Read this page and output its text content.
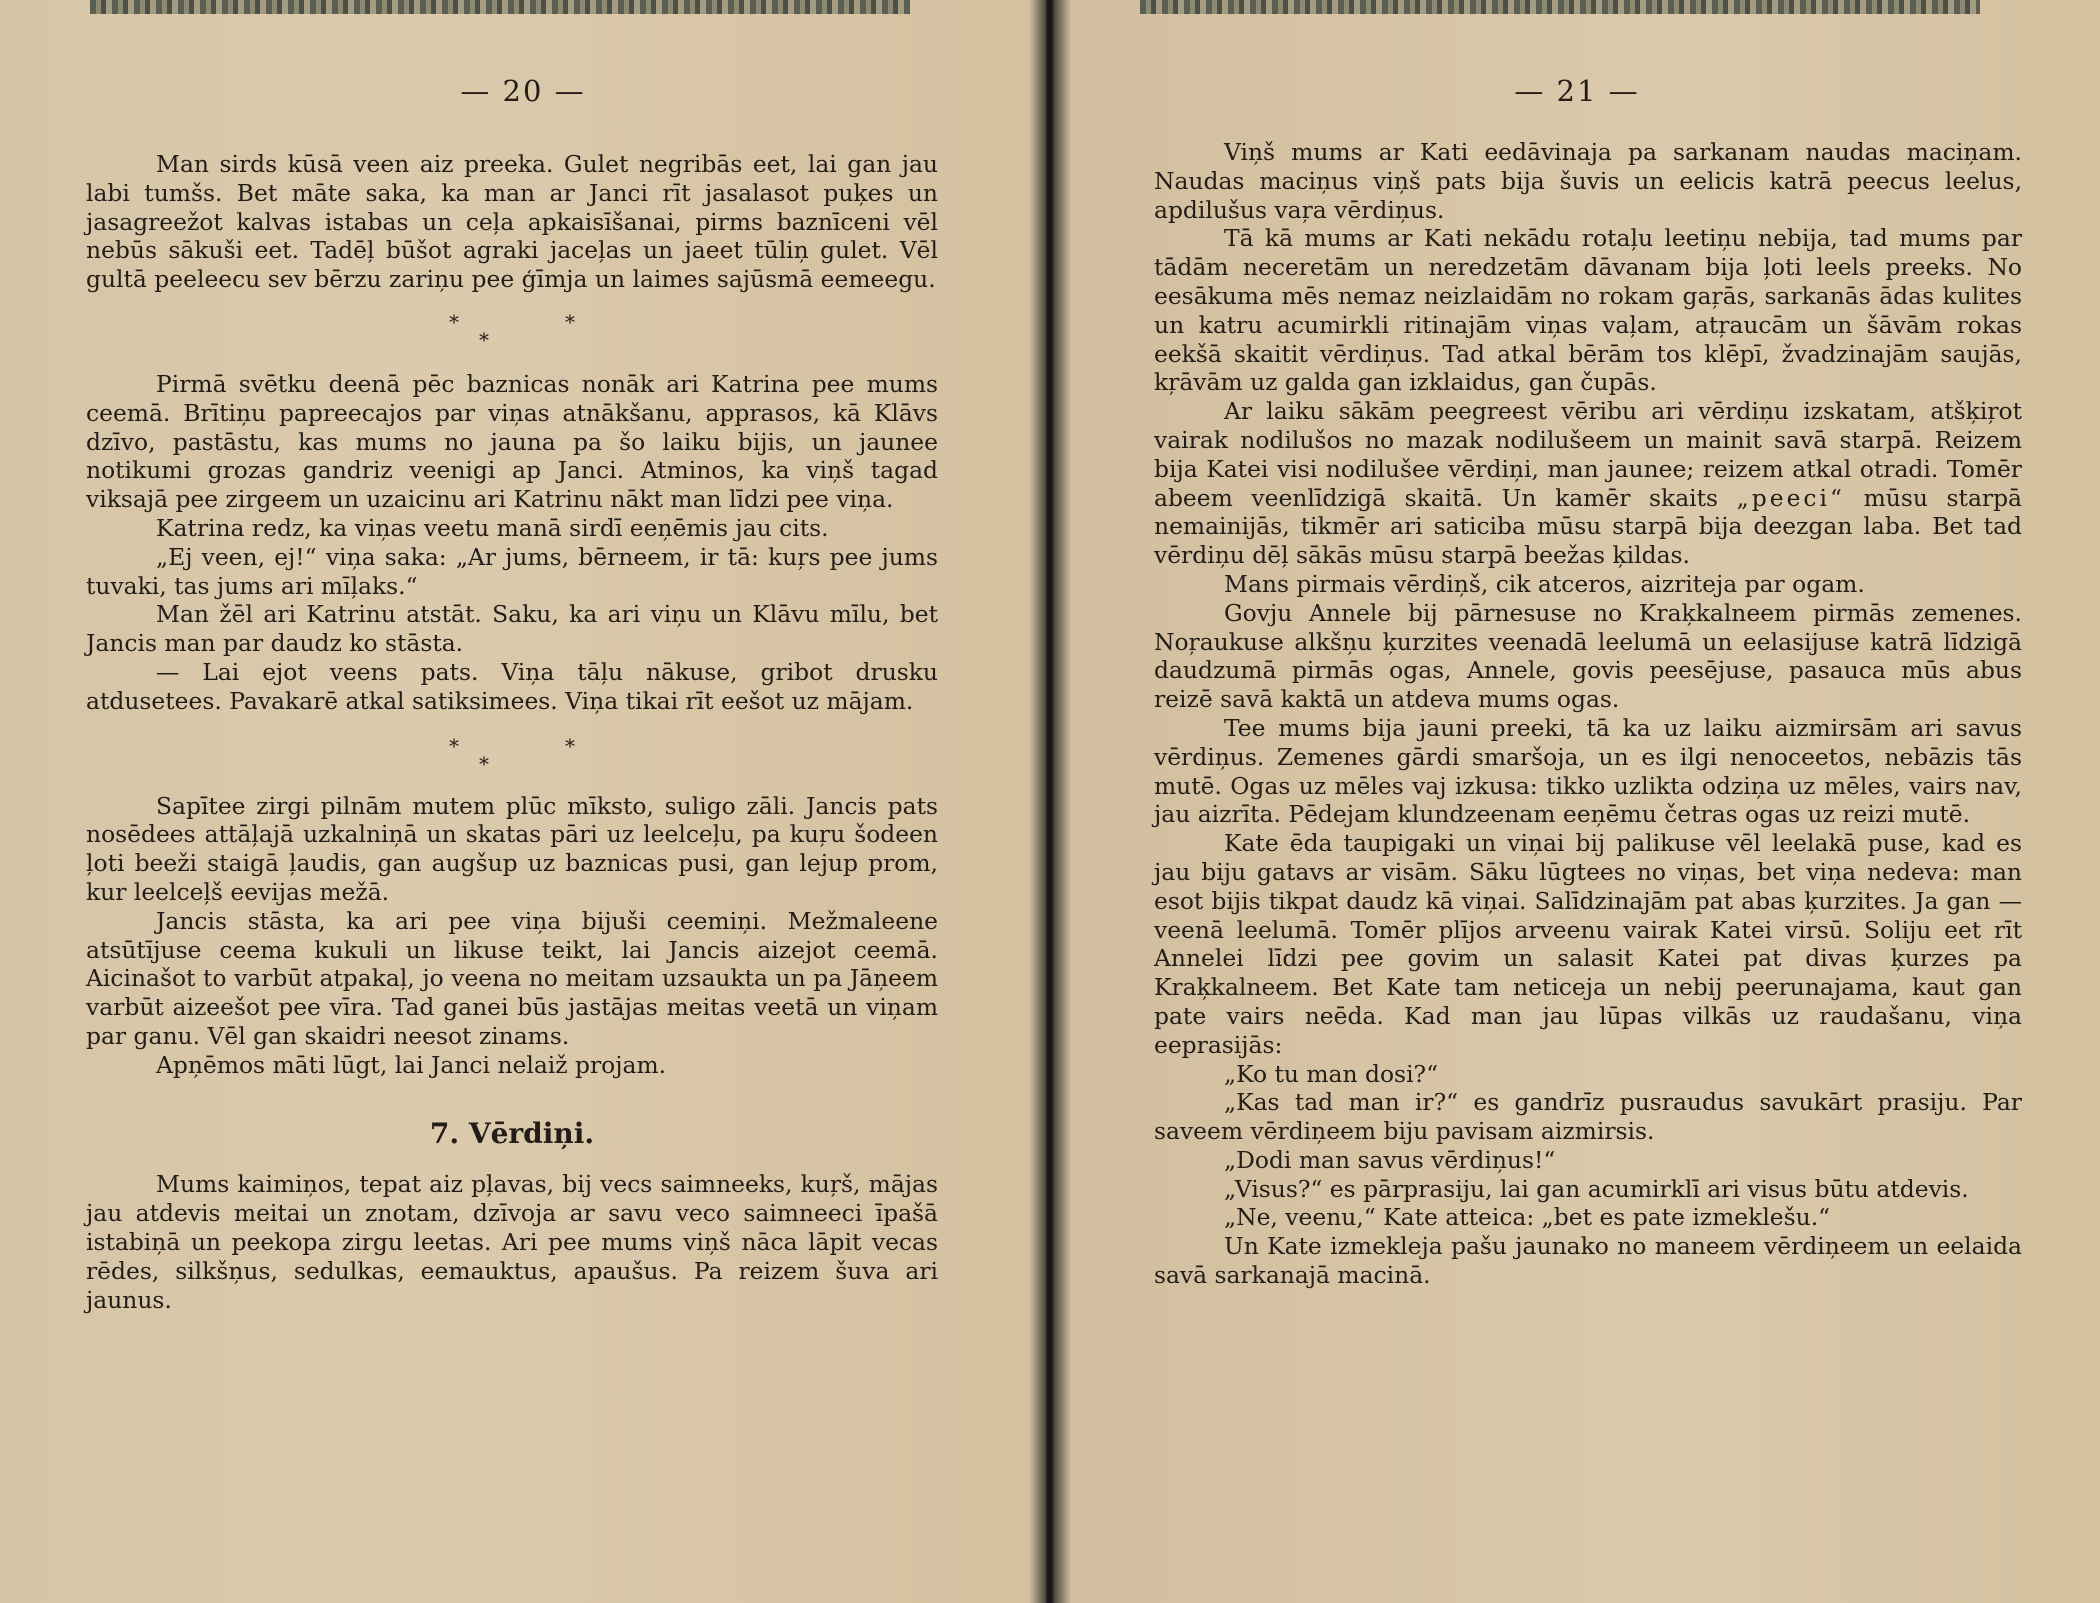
— 20 —

Man sirds kūsā veen aiz preeka. Gulet negribās eet, lai gan jau labi tumšs. Bet māte saka, ka man ar Janci rīt jasalasot puķes un jasagreežot kalvas istabas un ceļa apkaisīšanai, pirms baznīceni vēl nebūs sākuši eet. Tadēļ būšot agraki jaceļas un jaeet tūliņ gulet. Vēl gultā peeleecu sev bērzu zariņu pee ģīmja un laimes sajūsmā eemeegu.

*
*
*

Pirmā svētku deenā pēc baznicas nonāk ari Katrina pee mums ceemā. Brītiņu papreecajos par viņas atnākšanu, apprasos, kā Klāvs dzīvo, pastāstu, kas mums no jauna pa šo laiku bijis, un jaunee notikumi grozas gandriz veenigi ap Janci. Atminos, ka viņš tagad viksajā pee zirgeem un uzaicinu ari Katrinu nākt man līdzi pee viņa.

Katrina redz, ka viņas veetu manā sirdī eeņēmis jau cits.

„Ej veen, ej!“ viņa saka: „Ar jums, bērneem, ir tā: kuŗs pee jums tuvaki, tas jums ari mīļaks.“

Man žēl ari Katrinu atstāt. Saku, ka ari viņu un Klāvu mīlu, bet Jancis man par daudz ko stāsta.

— Lai ejot veens pats. Viņa tāļu nākuse, gribot drusku atdusetees. Pavakarē atkal satiksimees. Viņa tikai rīt eešot uz mājam.

*
*
*

Sapītee zirgi pilnām mutem plūc mīksto, suligo zāli. Jancis pats nosēdees attāļajā uzkalniņā un skatas pāri uz leelceļu, pa kuŗu šodeen ļoti beeži staigā ļaudis, gan augšup uz baznicas pusi, gan lejup prom, kur leelceļš eevijas mežā.

Jancis stāsta, ka ari pee viņa bijuši ceemiņi. Mežmaleene atsūtījuse ceema kukuli un likuse teikt, lai Jancis aizejot ceemā. Aicinašot to varbūt atpakaļ, jo veena no meitam uzsaukta un pa Jāņeem varbūt aizeešot pee vīra. Tad ganei būs jastājas meitas veetā un viņam par ganu. Vēl gan skaidri neesot zinams.

Apņēmos māti lūgt, lai Janci nelaiž projam.

7. Vērdiņi.

Mums kaimiņos, tepat aiz pļavas, bij vecs saimneeks, kuŗš, mājas jau atdevis meitai un znotam, dzīvoja ar savu veco saimneeci īpašā istabiņā un peekopa zirgu leetas. Ari pee mums viņš nāca lāpit vecas rēdes, silkšņus, sedulkas, eemauktus, apaušus. Pa reizem šuva ari jaunus.

— 21 —

Viņš mums ar Kati eedāvinaja pa sarkanam naudas maciņam. Naudas maciņus viņš pats bija šuvis un eelicis katrā peecus leelus, apdilušus vaŗa vērdiņus.

Tā kā mums ar Kati nekādu rotaļu leetiņu nebija, tad mums par tādām neceretām un neredzetām dāvanam bija ļoti leels preeks. No eesākuma mēs nemaz neizlaidām no rokam gaŗās, sarkanās ādas kulites un katru acumirkli ritinajām viņas vaļam, atŗaucām un šāvām rokas eekšā skaitit vērdiņus. Tad atkal bērām tos klēpī, žvadzinajām saujās, kŗāvām uz galda gan izklaidus, gan čupās.

Ar laiku sākām peegreest vēribu ari vērdiņu izskatam, atšķiŗot vairak nodilušos no mazak nodilušeem un mainit savā starpā. Reizem bija Katei visi nodilušee vērdiņi, man jaunee; reizem atkal otradi. Tomēr abeem veenlīdzigā skaitā. Un kamēr skaits „peeci“ mūsu starpā nemainijās, tikmēr ari saticiba mūsu starpā bija deezgan laba. Bet tad vērdiņu dēļ sākās mūsu starpā beežas ķildas.

Mans pirmais vērdiņš, cik atceros, aizriteja par ogam.

Govju Annele bij pārnesuse no Kraķkalneem pirmās zemenes. Noŗaukuse alkšņu ķurzites veenadā leelumā un eelasijuse katrā līdzigā daudzumā pirmās ogas, Annele, govis peesējuse, pasauca mūs abus reizē savā kaktā un atdeva mums ogas.

Tee mums bija jauni preeki, tā ka uz laiku aizmirsām ari savus vērdiņus. Zemenes gārdi smaršoja, un es ilgi nenoceetos, nebāzis tās mutē. Ogas uz mēles vaj izkusa: tikko uzlikta odziņa uz mēles, vairs nav, jau aizrīta. Pēdejam klundzeenam eeņēmu četras ogas uz reizi mutē.

Kate ēda taupigaki un viņai bij palikuse vēl leelakā puse, kad es jau biju gatavs ar visām. Sāku lūgtees no viņas, bet viņa nedeva: man esot bijis tikpat daudz kā viņai. Salīdzinajām pat abas ķurzites. Ja gan — veenā leelumā. Tomēr plījos arveenu vairak Katei virsū. Soliju eet rīt Annelei līdzi pee govim un salasit Katei pat divas ķurzes pa Kraķkalneem. Bet Kate tam neticeja un nebij peerunajama, kaut gan pate vairs neēda. Kad man jau lūpas vilkās uz raudašanu, viņa eeprasijās:

„Ko tu man dosi?“

„Kas tad man ir?“ es gandrīz pusraudus savukārt prasiju. Par saveem vērdiņeem biju pavisam aizmirsis.

„Dodi man savus vērdiņus!“

„Visus?“ es pārprasiju, lai gan acumirklī ari visus būtu atdevis.

„Ne, veenu,“ Kate atteica: „bet es pate izmeklešu.“

Un Kate izmekleja pašu jaunako no maneem vērdiņeem un eelaida savā sarkanajā macinā.
